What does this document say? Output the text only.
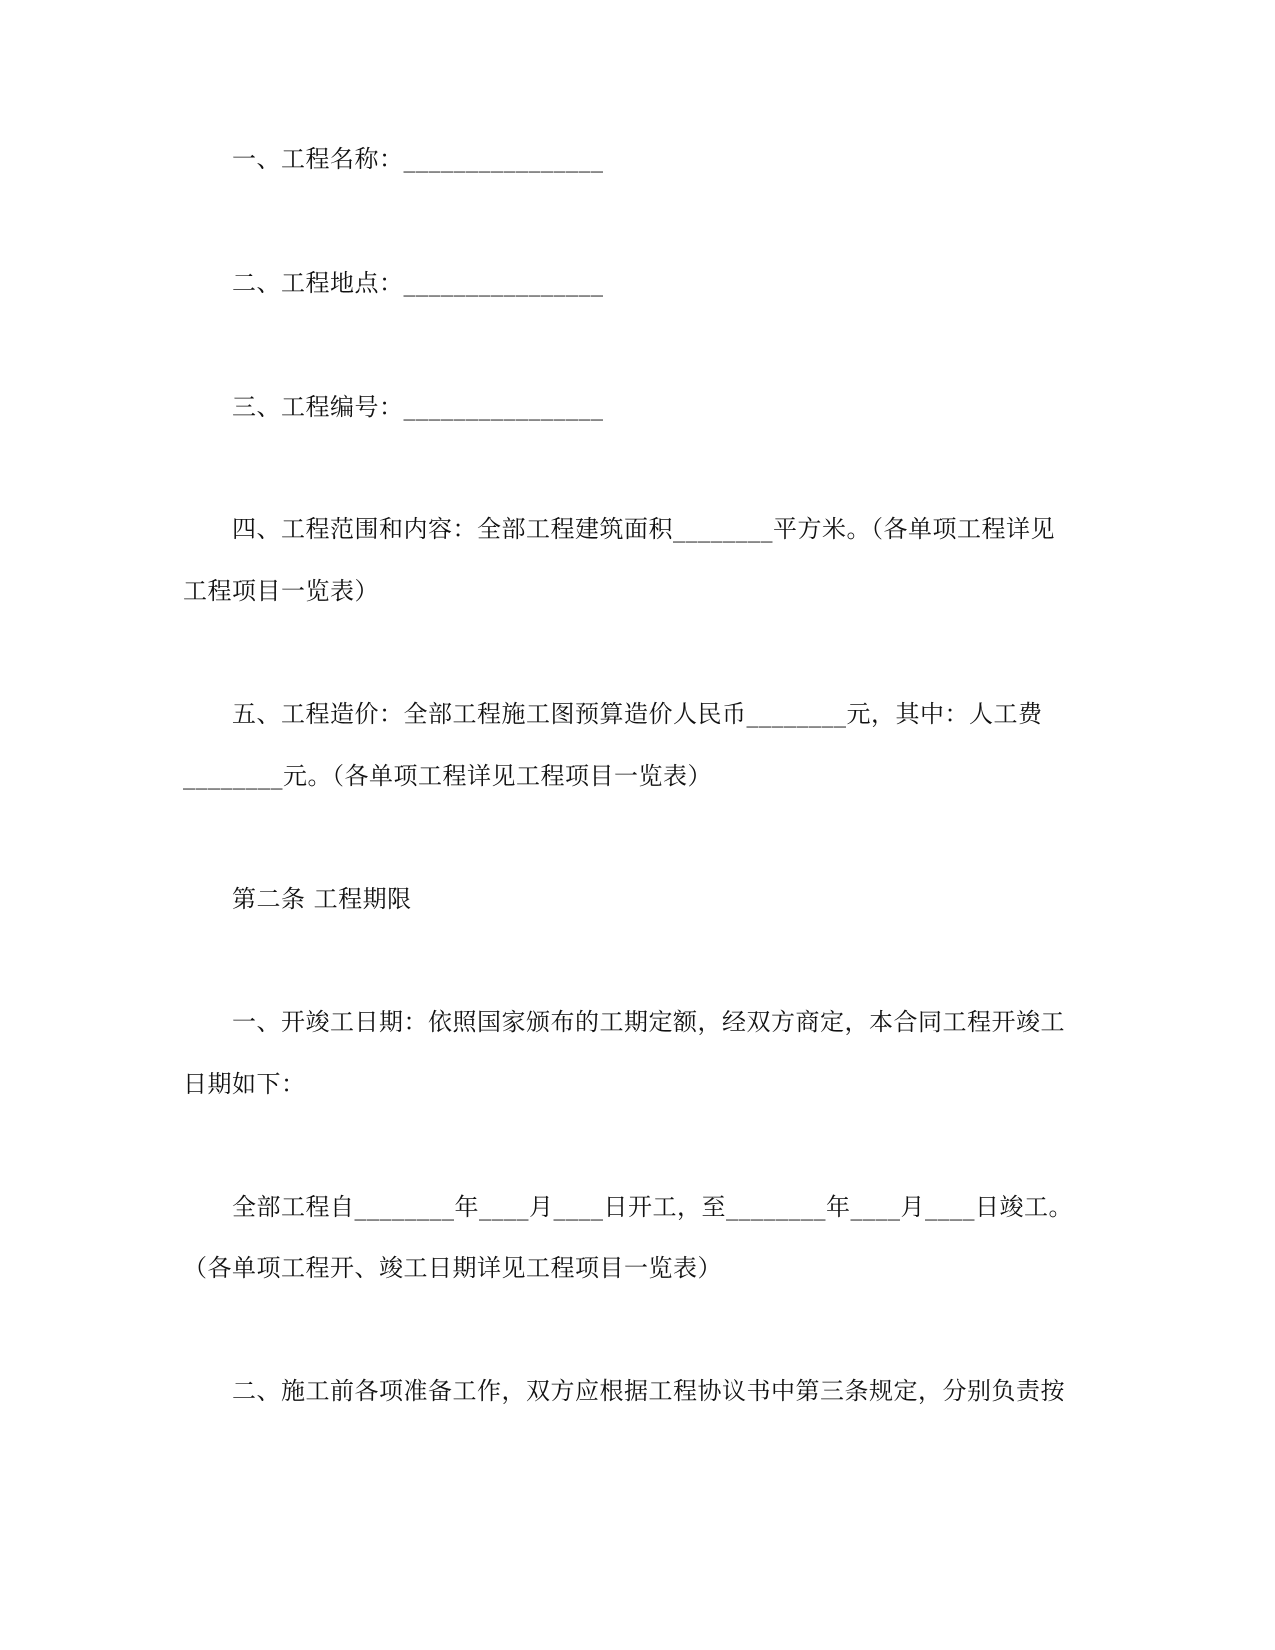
一、工程名称：________________
二、工程地点：________________
三、工程编号：________________
四、工程范围和内容：全部工程建筑面积________平方米。（各单项工程详见
工程项目一览表）
五、工程造价：全部工程施工图预算造价人民币________元，其中：人工费
________元。（各单项工程详见工程项目一览表）
第二条 工程期限
一、开竣工日期：依照国家颁布的工期定额，经双方商定，本合同工程开竣工
日期如下：
全部工程自________年____月____日开工，至________年____月____日竣工。
（各单项工程开、竣工日期详见工程项目一览表）
二、施工前各项准备工作，双方应根据工程协议书中第三条规定，分别负责按
